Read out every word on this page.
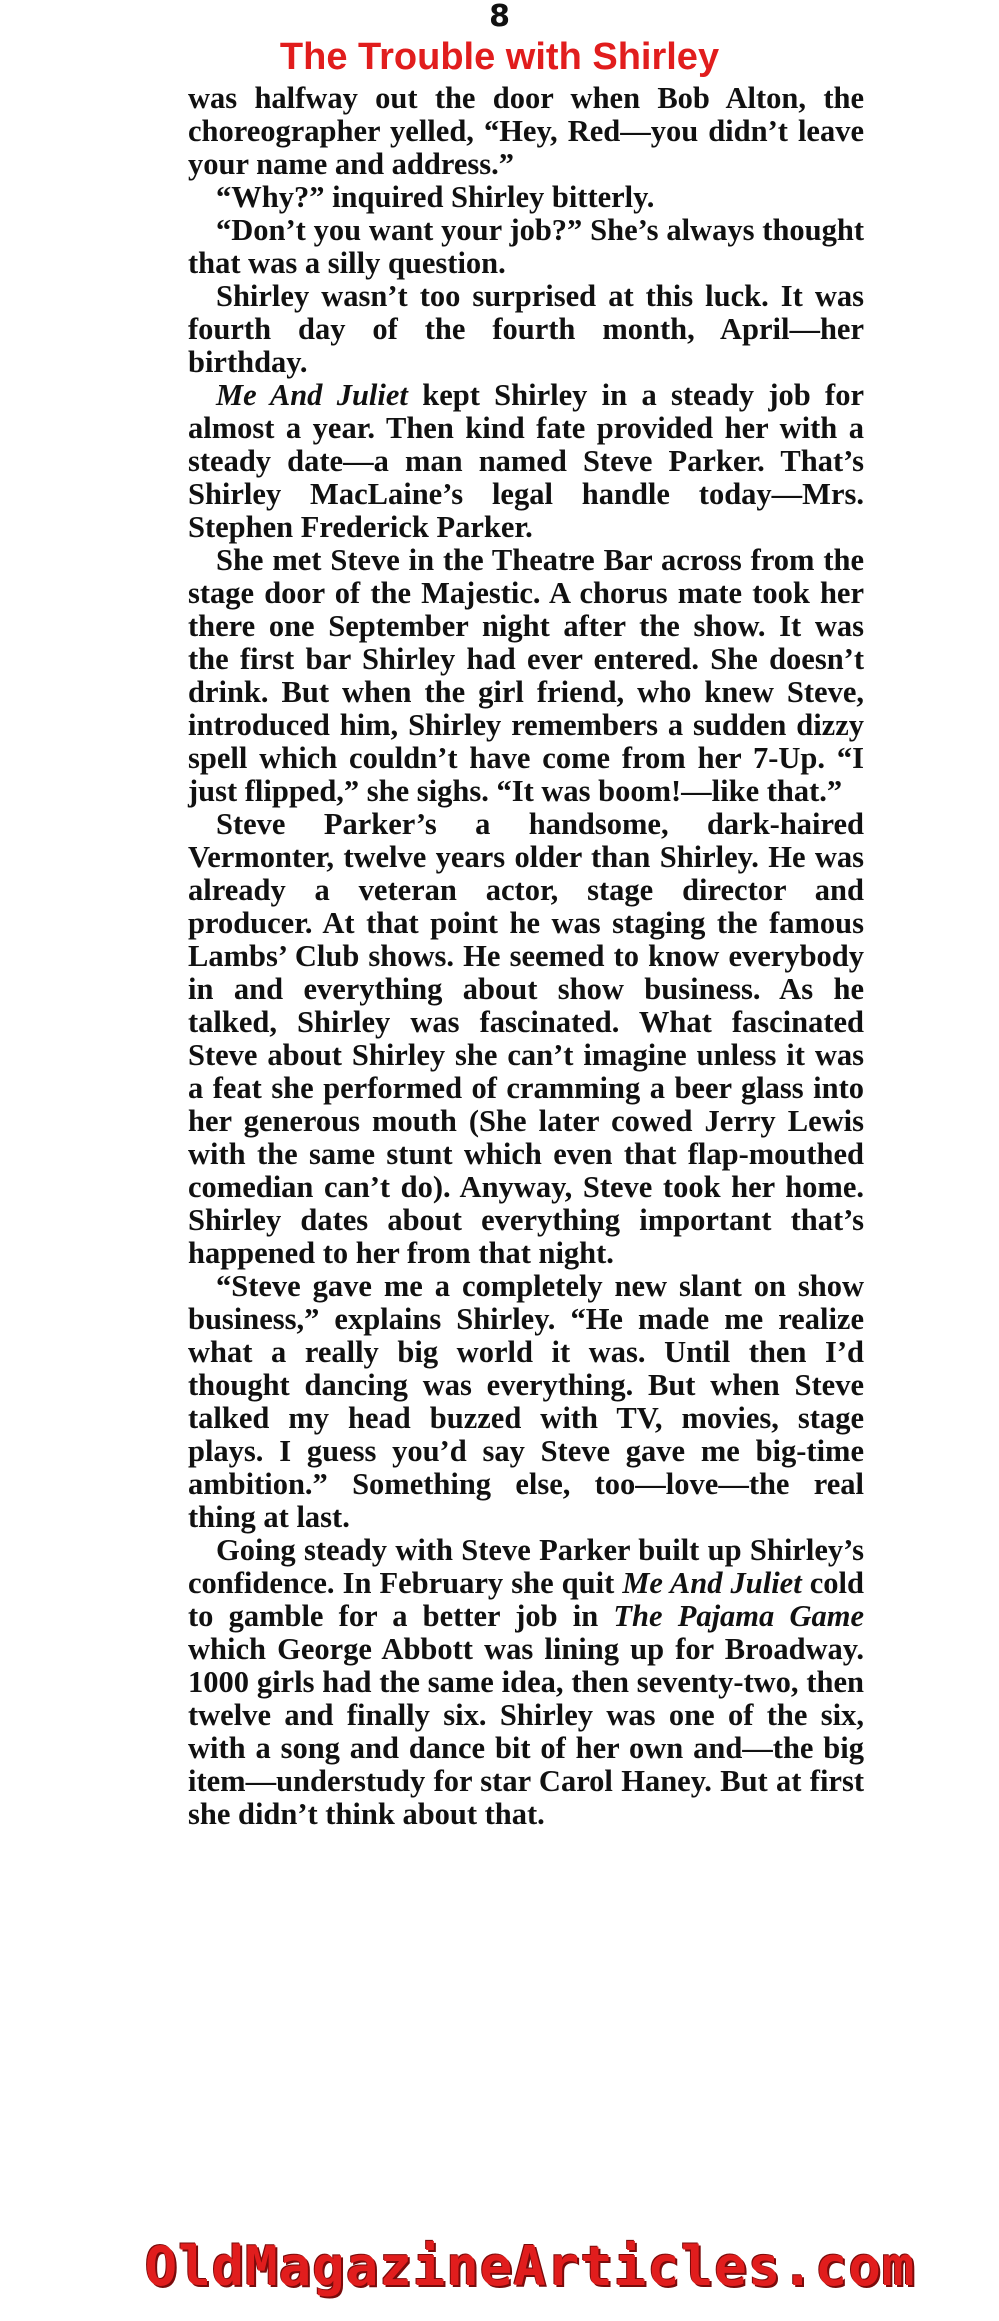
8
The Trouble with Shirley

was halfway out the door when Bob Alton, the choreographer yelled, “Hey, Red—you didn’t leave your name and address.”

“Why?” inquired Shirley bitterly.

“Don’t you want your job?” She’s always thought that was a silly question.

Shirley wasn’t too surprised at this luck. It was fourth day of the fourth month, April—her birthday.

Me And Juliet kept Shirley in a steady job for almost a year. Then kind fate provided her with a steady date—a man named Steve Parker. That’s Shirley MacLaine’s legal handle today—Mrs. Stephen Frederick Parker.

She met Steve in the Theatre Bar across from the stage door of the Majestic. A chorus mate took her there one September night after the show. It was the first bar Shirley had ever entered. She doesn’t drink. But when the girl friend, who knew Steve, introduced him, Shirley remembers a sudden dizzy spell which couldn’t have come from her 7-Up. “I just flipped,” she sighs. “It was boom!—like that.”

Steve Parker’s a handsome, dark-haired Vermonter, twelve years older than Shirley. He was already a veteran actor, stage director and producer. At that point he was staging the famous Lambs’ Club shows. He seemed to know everybody in and everything about show business. As he talked, Shirley was fascinated. What fascinated Steve about Shirley she can’t imagine unless it was a feat she performed of cramming a beer glass into her generous mouth (She later cowed Jerry Lewis with the same stunt which even that flap-mouthed comedian can’t do). Anyway, Steve took her home. Shirley dates about everything important that’s happened to her from that night.

“Steve gave me a completely new slant on show business,” explains Shirley. “He made me realize what a really big world it was. Until then I’d thought dancing was everything. But when Steve talked my head buzzed with TV, movies, stage plays. I guess you’d say Steve gave me big-time ambition.” Something else, too—love—the real thing at last.

Going steady with Steve Parker built up Shirley’s confidence. In February she quit Me And Juliet cold to gamble for a better job in The Pajama Game which George Abbott was lining up for Broadway. 1000 girls had the same idea, then seventy-two, then twelve and finally six. Shirley was one of the six, with a song and dance bit of her own and—the big item—understudy for star Carol Haney. But at first she didn’t think about that.

OldMagazineArticles.com
